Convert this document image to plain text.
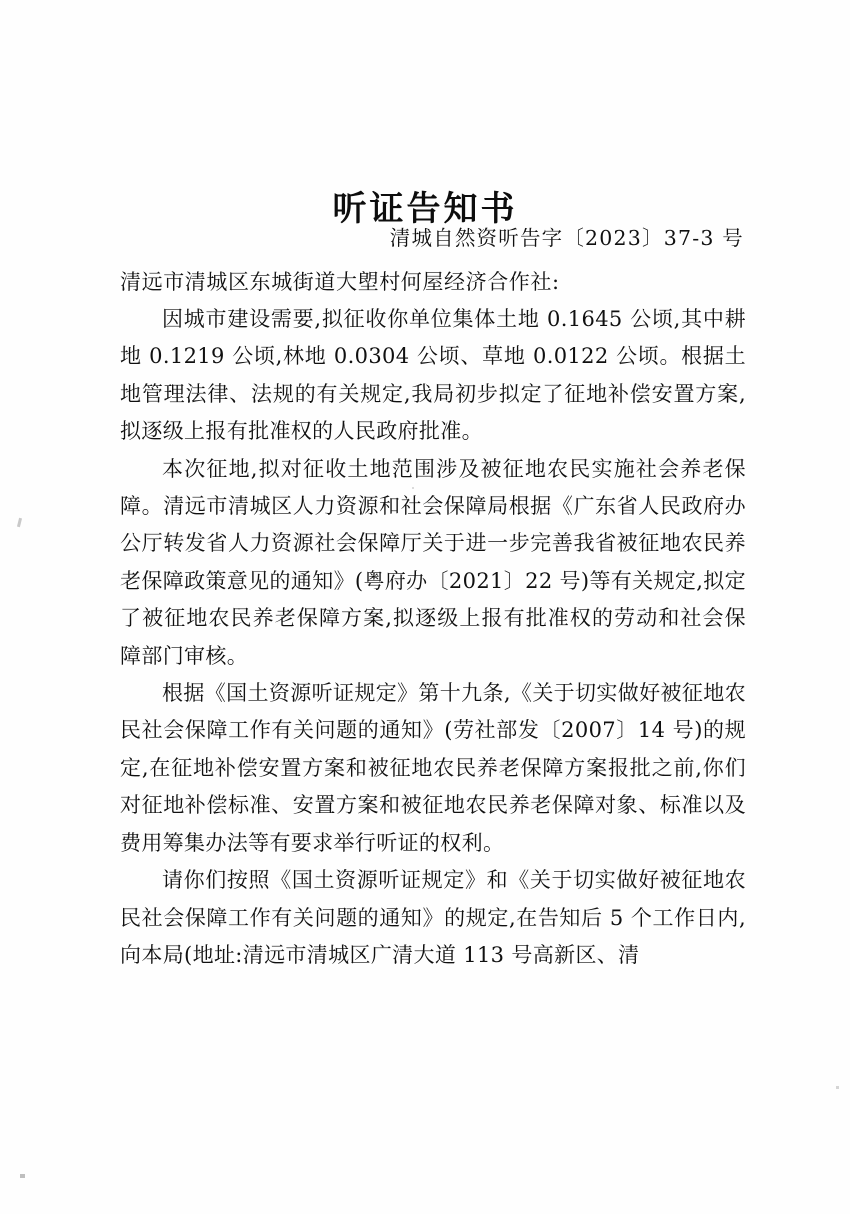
听证告知书
清城自然资听告字〔2023〕37-3 号

清远市清城区东城街道大塱村何屋经济合作社:

因城市建设需要,拟征收你单位集体土地 0.1645 公顷,其中耕地 0.1219 公顷,林地 0.0304 公顷、草地 0.0122 公顷。根据土地管理法律、法规的有关规定,我局初步拟定了征地补偿安置方案,拟逐级上报有批准权的人民政府批准。

本次征地,拟对征收土地范围涉及被征地农民实施社会养老保障。清远市清城区人力资源和社会保障局根据《广东省人民政府办公厅转发省人力资源社会保障厅关于进一步完善我省被征地农民养老保障政策意见的通知》(粤府办〔2021〕22 号)等有关规定,拟定了被征地农民养老保障方案,拟逐级上报有批准权的劳动和社会保障部门审核。

根据《国土资源听证规定》第十九条,《关于切实做好被征地农民社会保障工作有关问题的通知》(劳社部发〔2007〕14 号)的规定,在征地补偿安置方案和被征地农民养老保障方案报批之前,你们对征地补偿标准、安置方案和被征地农民养老保障对象、标准以及费用筹集办法等有要求举行听证的权利。

请你们按照《国土资源听证规定》和《关于切实做好被征地农民社会保障工作有关问题的通知》的规定,在告知后 5 个工作日内,向本局(地址:清远市清城区广清大道 113 号高新区、清
